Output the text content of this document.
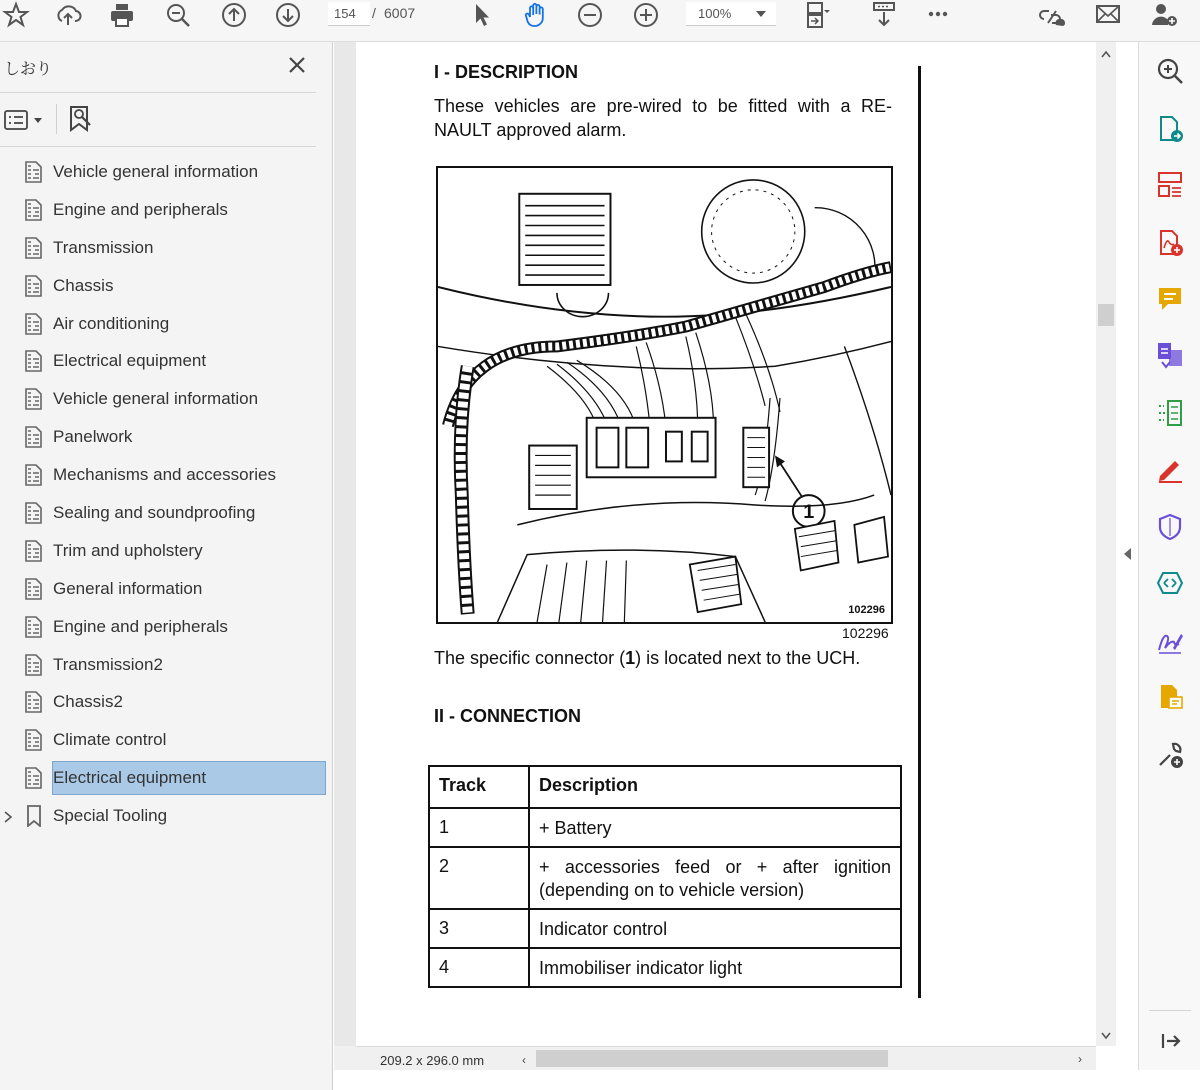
154	/ 6007	100%
しおり
Vehicle general information
Engine and peripherals
Transmission
Chassis
Air conditioning
Electrical equipment
Vehicle general information
Panelwork
Mechanisms and accessories
Sealing and soundproofing
Trim and upholstery
General information
Engine and peripherals
Transmission2
Chassis2
Climate control
Electrical equipment
Special Tooling
I - DESCRIPTION
These vehicles are pre-wired to be fitted with a RE-NAULT approved alarm.
1
102296
102296
The specific connector (1) is located next to the UCH.
II - CONNECTION
Track	Description
1	+ Battery
2	+ accessories feed or + after ignition (depending on to vehicle version)
3	Indicator control
4	Immobiliser indicator light
209.2 x 296.0 mm	‹	›
